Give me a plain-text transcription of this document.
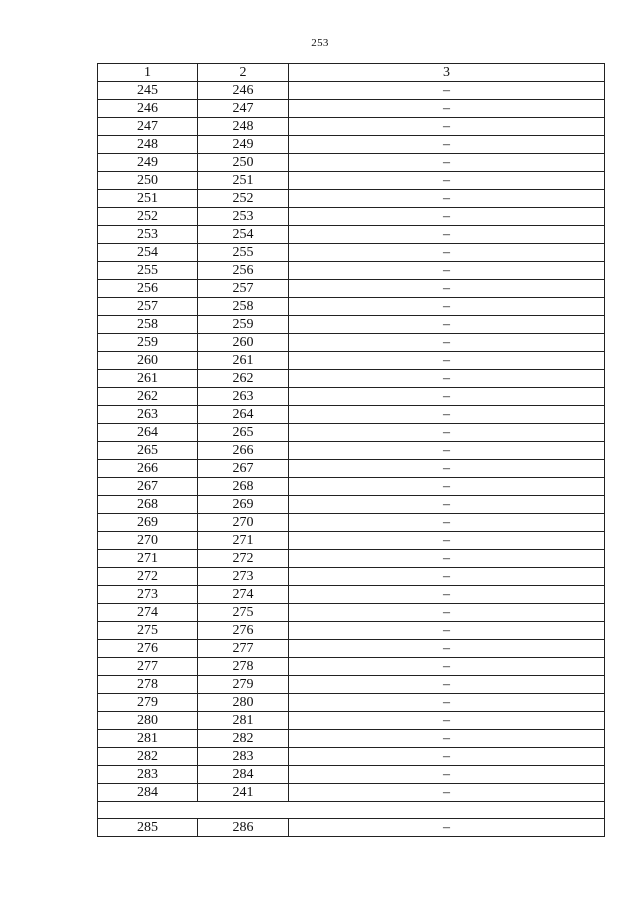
253
1	2	3
245	246	–
246	247	–
247	248	–
248	249	–
249	250	–
250	251	–
251	252	–
252	253	–
253	254	–
254	255	–
255	256	–
256	257	–
257	258	–
258	259	–
259	260	–
260	261	–
261	262	–
262	263	–
263	264	–
264	265	–
265	266	–
266	267	–
267	268	–
268	269	–
269	270	–
270	271	–
271	272	–
272	273	–
273	274	–
274	275	–
275	276	–
276	277	–
277	278	–
278	279	–
279	280	–
280	281	–
281	282	–
282	283	–
283	284	–
284	241	–

285	286	–
